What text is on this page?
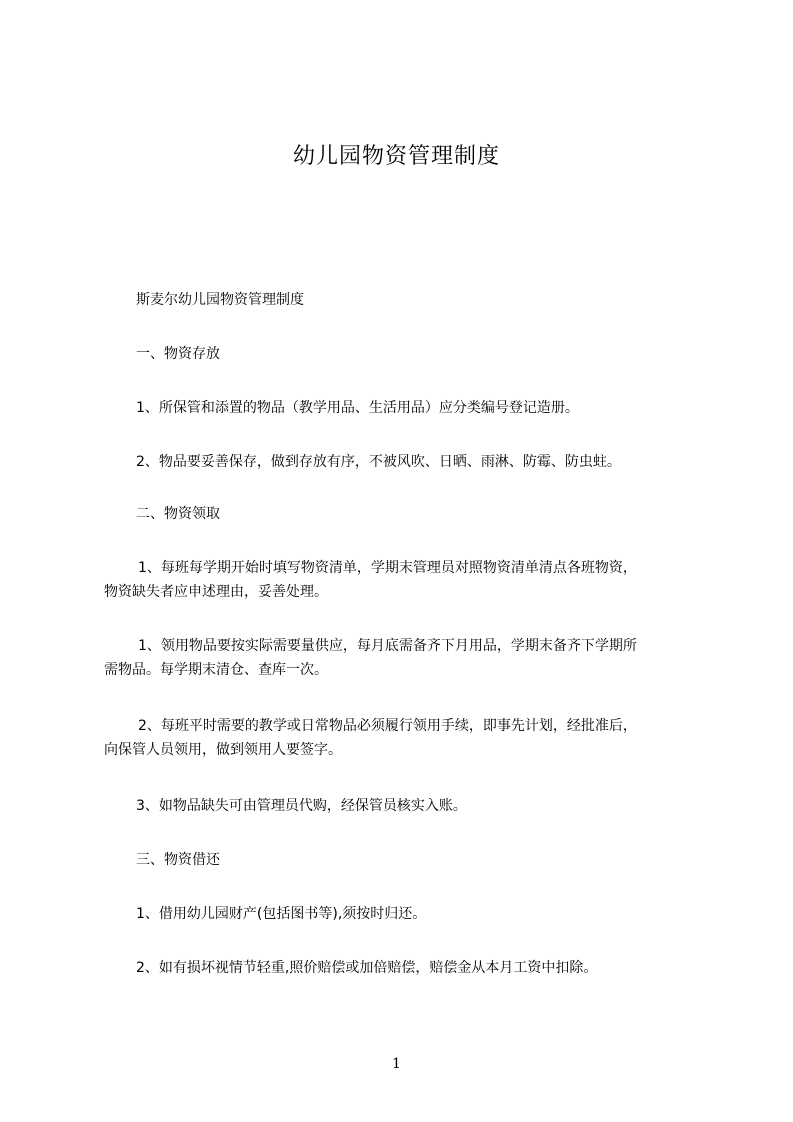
幼儿园物资管理制度
斯麦尔幼儿园物资管理制度
一、物资存放
1、所保管和添置的物品（教学用品、生活用品）应分类编号登记造册。
2、物品要妥善保存，做到存放有序，不被风吹、日晒、雨淋、防霉、防虫蛀。
二、物资领取
1、每班每学期开始时填写物资清单，学期末管理员对照物资清单清点各班物资，
物资缺失者应申述理由，妥善处理。
1、领用物品要按实际需要量供应，每月底需备齐下月用品，学期末备齐下学期所
需物品。每学期末清仓、查库一次。
2、每班平时需要的教学或日常物品必须履行领用手续，即事先计划，经批准后，
向保管人员领用，做到领用人要签字。
3、如物品缺失可由管理员代购，经保管员核实入账。
三、物资借还
1、借用幼儿园财产(包括图书等),须按时归还。
2、如有损坏视情节轻重,照价赔偿或加倍赔偿，赔偿金从本月工资中扣除。
1
